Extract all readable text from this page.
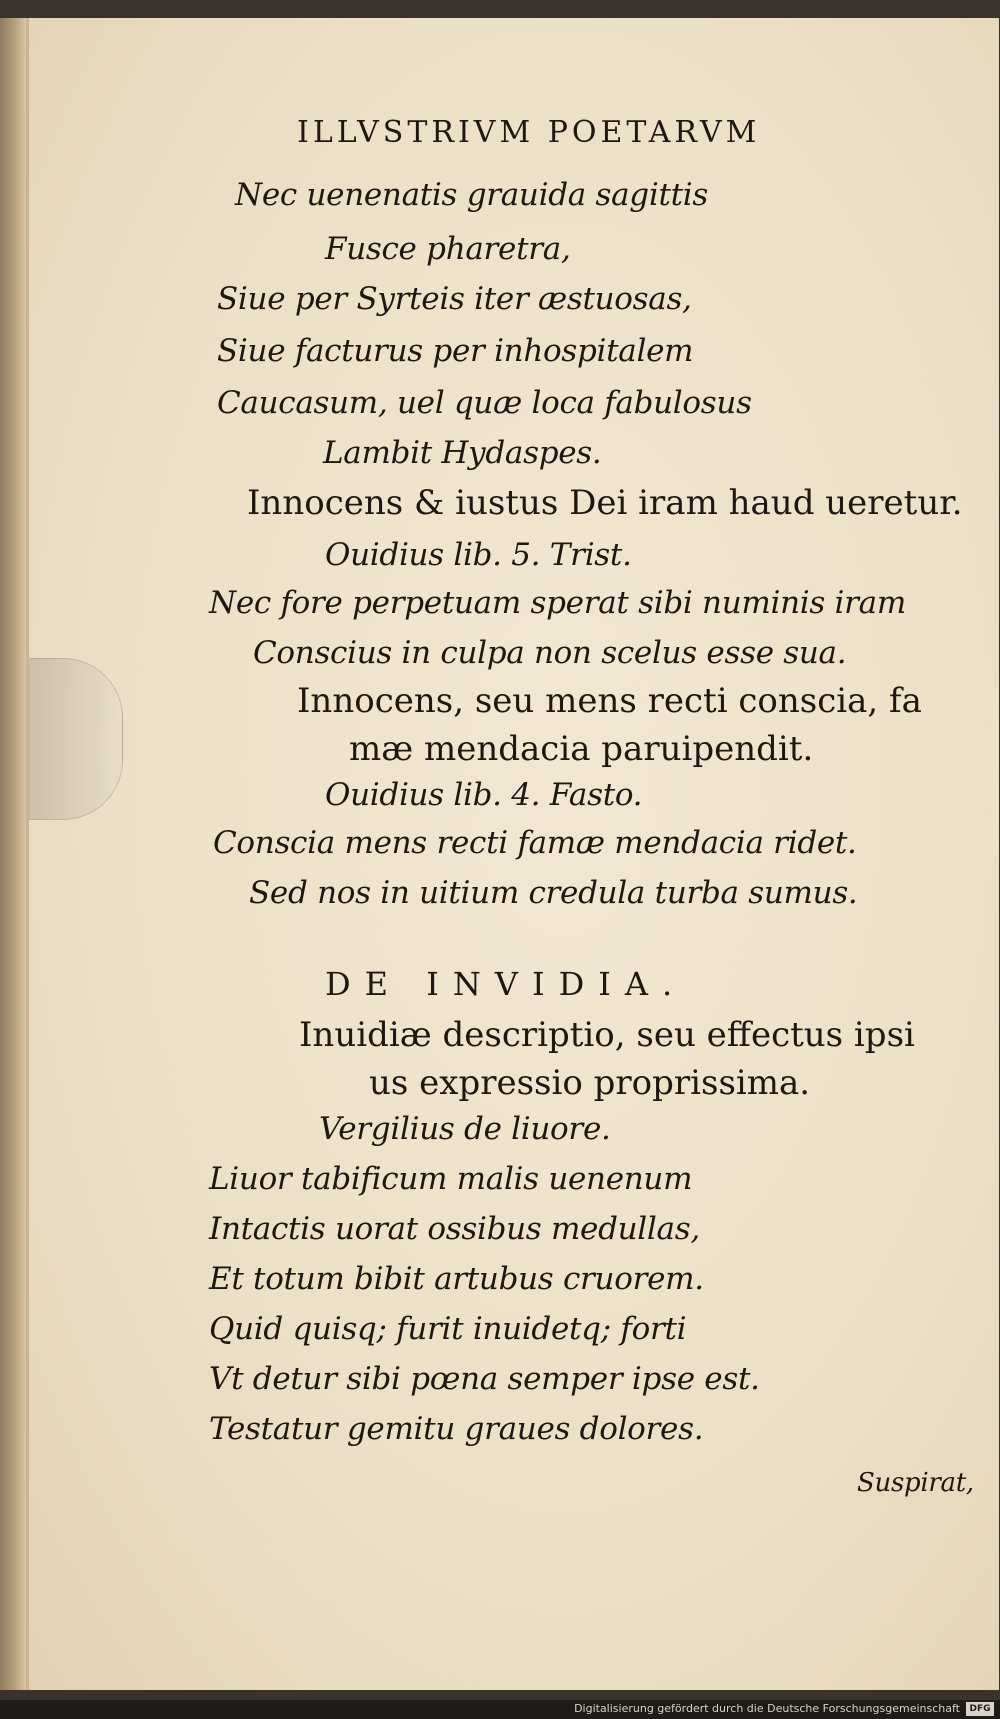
ILLVSTRIVM POETARVM
Nec uenenatis grauida sagittis
Fusce pharetra,
Siue per Syrteis iter æstuosas,
Siue facturus per inhospitalem
Caucasum, uel quæ loca fabulosus
Lambit Hydaspes.
Innocens & iustus Dei iram haud ueretur.
Ouidius lib. 5. Trist.
Nec fore perpetuam sperat sibi numinis iram
Conscius in culpa non scelus esse sua.
Innocens, seu mens recti conscia, fa
mæ mendacia paruipendit.
Ouidius lib. 4. Fasto.
Conscia mens recti famæ mendacia ridet.
Sed nos in uitium credula turba sumus.
DE INVIDIA.
Inuidiæ descriptio, seu effectus ipsi
us expressio proprissima.
Vergilius de liuore.
Liuor tabificum malis uenenum
Intactis uorat ossibus medullas,
Et totum bibit artubus cruorem.
Quid quisq; furit inuidetq; forti
Vt detur sibi pœna semper ipse est.
Testatur gemitu graues dolores.
Suspirat,
Digitalisierung gefördert durch die Deutsche Forschungsgemeinschaft	DFG
